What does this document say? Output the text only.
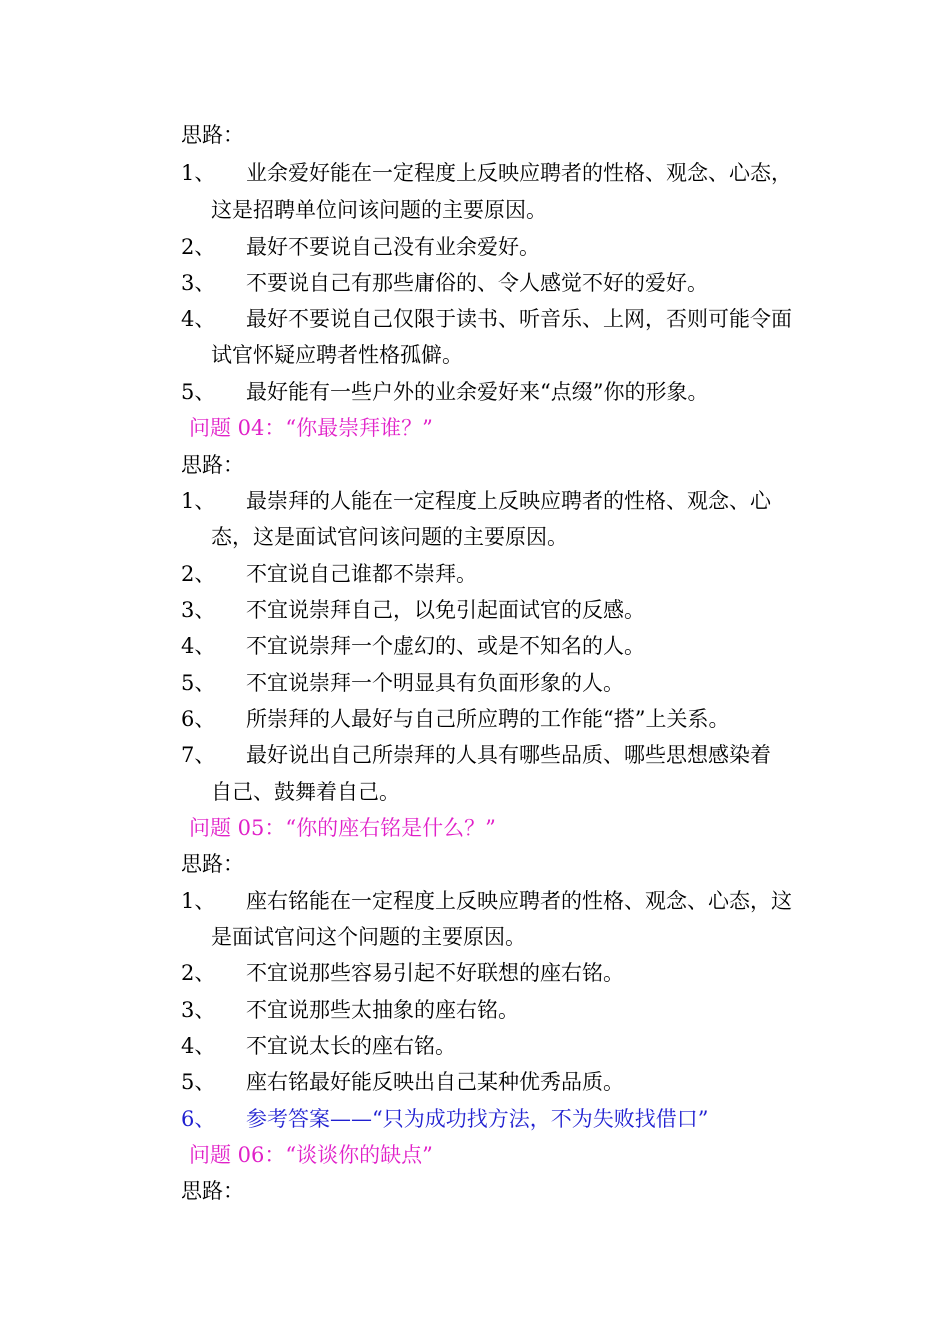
思路：
1、 业余爱好能在一定程度上反映应聘者的性格、观念、心态，
这是招聘单位问该问题的主要原因。
2、 最好不要说自己没有业余爱好。
3、 不要说自己有那些庸俗的、令人感觉不好的爱好。
4、 最好不要说自己仅限于读书、听音乐、上网，否则可能令面
试官怀疑应聘者性格孤僻。
5、 最好能有一些户外的业余爱好来“点缀”你的形象。
问题 04：“你最崇拜谁？”
思路：
1、 最崇拜的人能在一定程度上反映应聘者的性格、观念、心
态，这是面试官问该问题的主要原因。
2、 不宜说自己谁都不崇拜。
3、 不宜说崇拜自己，以免引起面试官的反感。
4、 不宜说崇拜一个虚幻的、或是不知名的人。
5、 不宜说崇拜一个明显具有负面形象的人。
6、 所崇拜的人最好与自己所应聘的工作能“搭”上关系。
7、 最好说出自己所崇拜的人具有哪些品质、哪些思想感染着
自己、鼓舞着自己。
问题 05：“你的座右铭是什么？”
思路：
1、 座右铭能在一定程度上反映应聘者的性格、观念、心态，这
是面试官问这个问题的主要原因。
2、 不宜说那些容易引起不好联想的座右铭。
3、 不宜说那些太抽象的座右铭。
4、 不宜说太长的座右铭。
5、 座右铭最好能反映出自己某种优秀品质。
6、 参考答案——“只为成功找方法，不为失败找借口”
问题 06：“谈谈你的缺点”
思路：
